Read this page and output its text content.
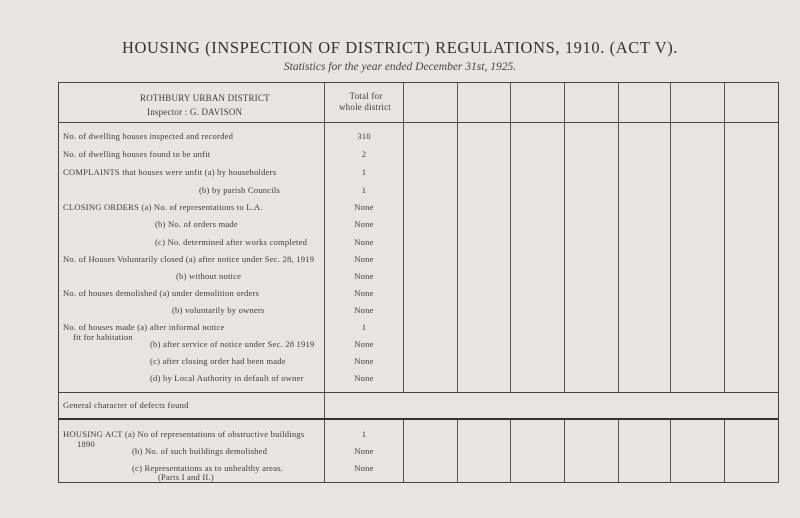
HOUSING (INSPECTION OF DISTRICT) REGULATIONS, 1910. (ACT V).
Statistics for the year ended December 31st, 1925.
ROTHBURY URBAN DISTRICT
Inspector : G. DAVISON
Total for
whole district
No. of dwelling houses inspected and recorded	310
No. of dwelling houses found to be unfit	2
COMPLAINTS that houses were unfit (a) by householders	1
(b) by parish Councils	1
CLOSING ORDERS (a) No. of representations to L.A.	None
(b) No. of orders made	None
(c) No. determined after works completed	None
No. of Houses Voluntarily closed (a) after notice under Sec. 28, 1919	None
(b) without notice	None
No. of houses demolished (a) under demolition orders	None
(b) voluntarily by owners	None
No. of houses made (a) after informal notice	1
fit for habitation
(b) after service of notice under Sec. 28 1919	None
(c) after closing order had been made	None
(d) by Local Authority in default of owner	None
General character of defects found
HOUSING ACT (a) No of representations of obstructive buildings	1
1890
(b) No. of such buildings demolished	None
(c) Representations as to unhealthy areas.	None
(Parts I and II.)
